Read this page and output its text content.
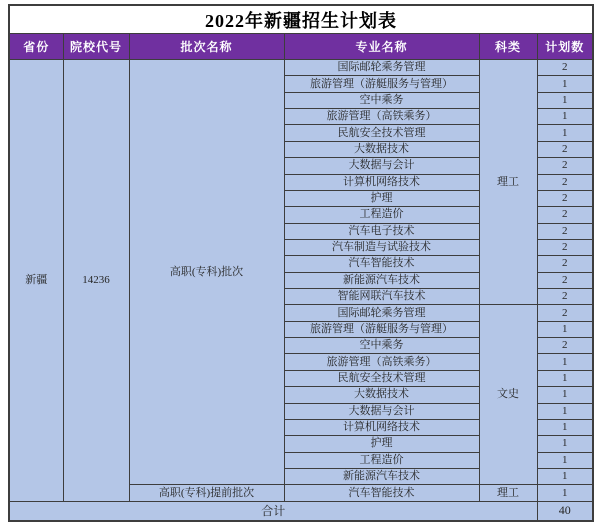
2022年新疆招生计划表					
省份	院校代号	批次名称	专业名称	科类	计划数
新疆	14236	高职(专科)批次	国际邮轮乘务管理	理工	2
			旅游管理（游艇服务与管理）		1
			空中乘务		1
			旅游管理（高铁乘务）		1
			民航安全技术管理		1
			大数据技术		2
			大数据与会计		2
			计算机网络技术		2
			护理		2
			工程造价		2
			汽车电子技术		2
			汽车制造与试验技术		2
			汽车智能技术		2
			新能源汽车技术		2
			智能网联汽车技术		2
			国际邮轮乘务管理	文史	2
			旅游管理（游艇服务与管理）		1
			空中乘务		2
			旅游管理（高铁乘务）		1
			民航安全技术管理		1
			大数据技术		1
			大数据与会计		1
			计算机网络技术		1
			护理		1
			工程造价		1
			新能源汽车技术		1
		高职(专科)提前批次	汽车智能技术	理工	1
合计					40
